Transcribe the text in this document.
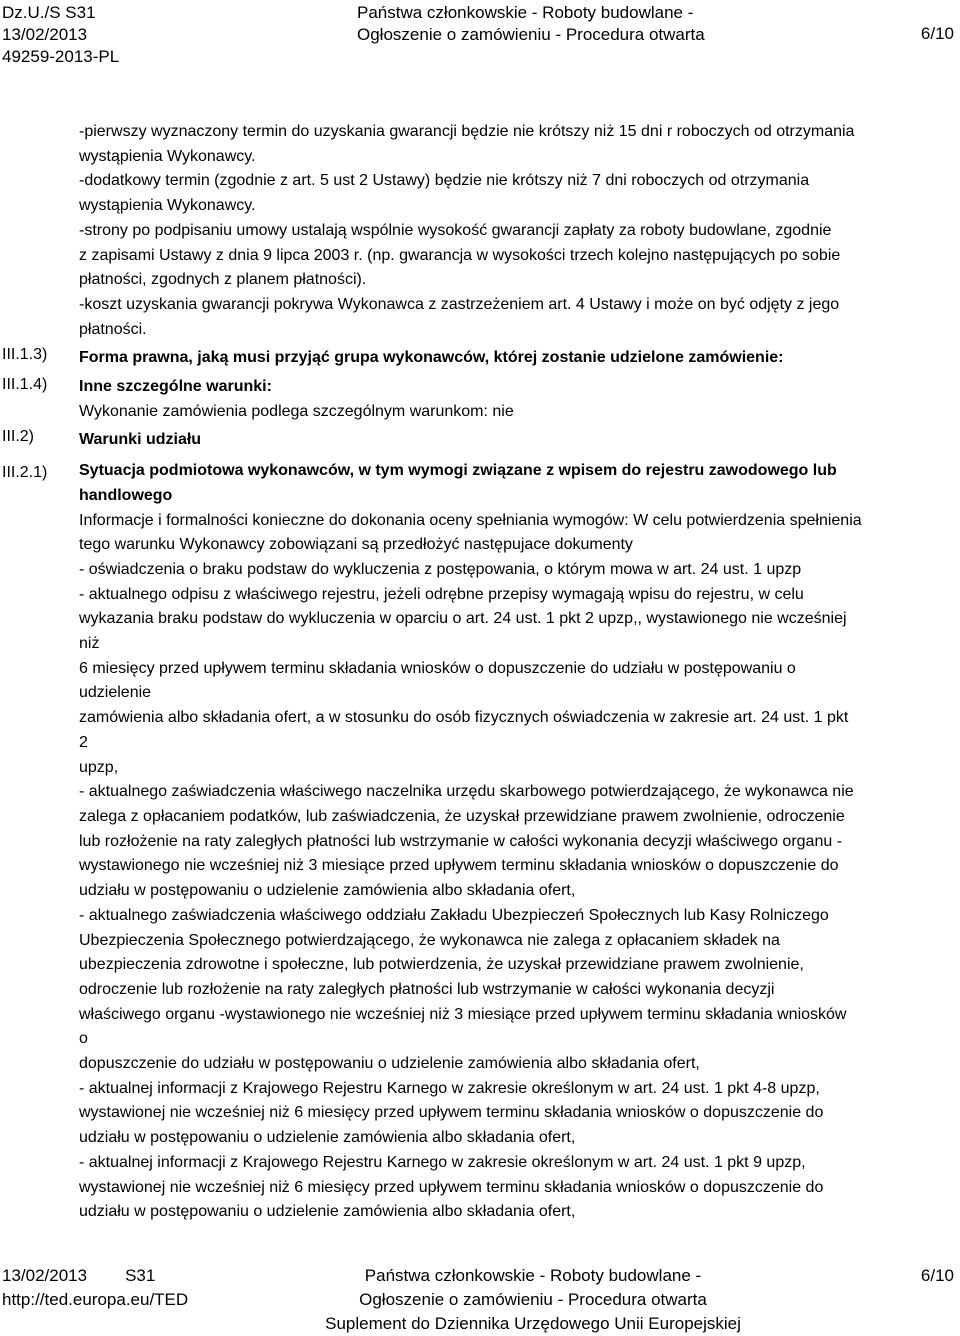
Dz.U./S S31
13/02/2013
49259-2013-PL
Państwa członkowskie - Roboty budowlane -
Ogłoszenie o zamówieniu - Procedura otwarta	6/10
III.1.3)
III.1.4)
III.2)
III.2.1)

-pierwszy wyznaczony termin do uzyskania gwarancji będzie nie krótszy niż 15 dni r roboczych od otrzymania

wystąpienia Wykonawcy.

-dodatkowy termin (zgodnie z art. 5 ust 2 Ustawy) będzie nie krótszy niż 7 dni roboczych od otrzymania

wystąpienia Wykonawcy.

-strony po podpisaniu umowy ustalają wspólnie wysokość gwarancji zapłaty za roboty budowlane, zgodnie

z zapisami Ustawy z dnia 9 lipca 2003 r. (np. gwarancja w wysokości trzech kolejno następujących po sobie

płatności, zgodnych z planem płatności).

-koszt uzyskania gwarancji pokrywa Wykonawca z zastrzeżeniem art. 4 Ustawy i może on być odjęty z jego

płatności.

Forma prawna, jaką musi przyjąć grupa wykonawców, której zostanie udzielone zamówienie:

Inne szczególne warunki:

Wykonanie zamówienia podlega szczególnym warunkom: nie

Warunki udziału

Sytuacja podmiotowa wykonawców, w tym wymogi związane z wpisem do rejestru zawodowego lub

handlowego

Informacje i formalności konieczne do dokonania oceny spełniania wymogów: W celu potwierdzenia spełnienia

tego warunku Wykonawcy zobowiązani są przedłożyć następujace dokumenty

- oświadczenia o braku podstaw do wykluczenia z postępowania, o którym mowa w art. 24 ust. 1 upzp

- aktualnego odpisu z właściwego rejestru, jeżeli odrębne przepisy wymagają wpisu do rejestru, w celu

wykazania braku podstaw do wykluczenia w oparciu o art. 24 ust. 1 pkt 2 upzp,, wystawionego nie wcześniej

niż

6 miesięcy przed upływem terminu składania wniosków o dopuszczenie do udziału w postępowaniu o

udzielenie

zamówienia albo składania ofert, a w stosunku do osób fizycznych oświadczenia w zakresie art. 24 ust. 1 pkt

2

upzp,

- aktualnego zaświadczenia właściwego naczelnika urzędu skarbowego potwierdzającego, że wykonawca nie

zalega z opłacaniem podatków, lub zaświadczenia, że uzyskał przewidziane prawem zwolnienie, odroczenie

lub rozłożenie na raty zaległych płatności lub wstrzymanie w całości wykonania decyzji właściwego organu -

wystawionego nie wcześniej niż 3 miesiące przed upływem terminu składania wniosków o dopuszczenie do

udziału w postępowaniu o udzielenie zamówienia albo składania ofert,

- aktualnego zaświadczenia właściwego oddziału Zakładu Ubezpieczeń Społecznych lub Kasy Rolniczego

Ubezpieczenia Społecznego potwierdzającego, że wykonawca nie zalega z opłacaniem składek na

ubezpieczenia zdrowotne i społeczne, lub potwierdzenia, że uzyskał przewidziane prawem zwolnienie,

odroczenie lub rozłożenie na raty zaległych płatności lub wstrzymanie w całości wykonania decyzji

właściwego organu -wystawionego nie wcześniej niż 3 miesiące przed upływem terminu składania wniosków

o

dopuszczenie do udziału w postępowaniu o udzielenie zamówienia albo składania ofert,

- aktualnej informacji z Krajowego Rejestru Karnego w zakresie określonym w art. 24 ust. 1 pkt 4-8 upzp,

wystawionej nie wcześniej niż 6 miesięcy przed upływem terminu składania wniosków o dopuszczenie do

udziału w postępowaniu o udzielenie zamówienia albo składania ofert,

- aktualnej informacji z Krajowego Rejestru Karnego w zakresie określonym w art. 24 ust. 1 pkt 9 upzp,

wystawionej nie wcześniej niż 6 miesięcy przed upływem terminu składania wniosków o dopuszczenie do

udziału w postępowaniu o udzielenie zamówienia albo składania ofert,

13/02/2013 S31
http://ted.europa.eu/TED
Państwa członkowskie - Roboty budowlane -
Ogłoszenie o zamówieniu - Procedura otwarta
Suplement do Dziennika Urzędowego Unii Europejskiej
6/10
